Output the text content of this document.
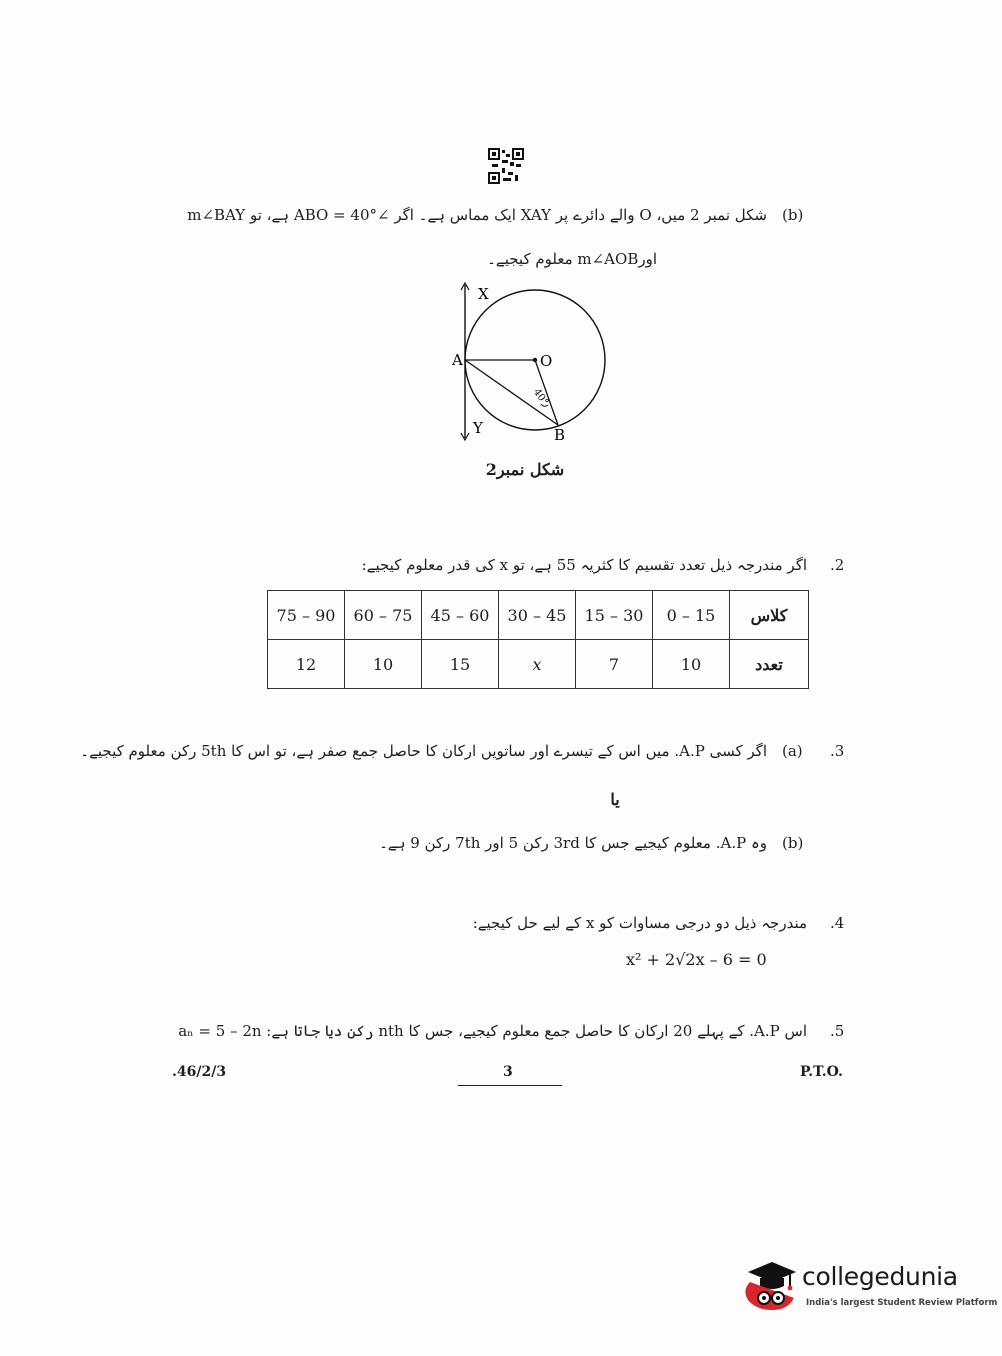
(b)
شکل نمبر 2 میں، O والے دائرے پر XAY ایک مماس ہے۔ اگر ∠ABO = 40° ہے، تو m∠BAY
اورm∠AOB معلوم کیجیے۔
X
A	O
Y	B
40°
شکل نمبر2
.2
اگر مندرجہ ذیل تعدد تقسیم کا کثریہ 55 ہے، تو x کی قدر معلوم کیجیے:
75 – 90	60 – 75	45 – 60	30 – 45	15 – 30	0 – 15	کلاس
12	10	15	x	7	10	تعدد
.3
(a)
اگر کسی A.P. میں اس کے تیسرے اور ساتویں ارکان کا حاصل جمع صفر ہے، تو اس کا 5th رکن معلوم کیجیے۔
یا
(b)
وہ A.P. معلوم کیجیے جس کا 3rd رکن 5 اور 7th رکن 9 ہے۔
.4
مندرجہ ذیل دو درجی مساوات کو x کے لیے حل کیجیے:
x² + 2√2x – 6 = 0
.5
اس A.P. کے پہلے 20 ارکان کا حاصل جمع معلوم کیجیے، جس کا nth رکن دیا جاتا ہے: aₙ = 5 – 2n
.46/2/3	3	P.T.O.
collegedunia
India's largest Student Review Platform
